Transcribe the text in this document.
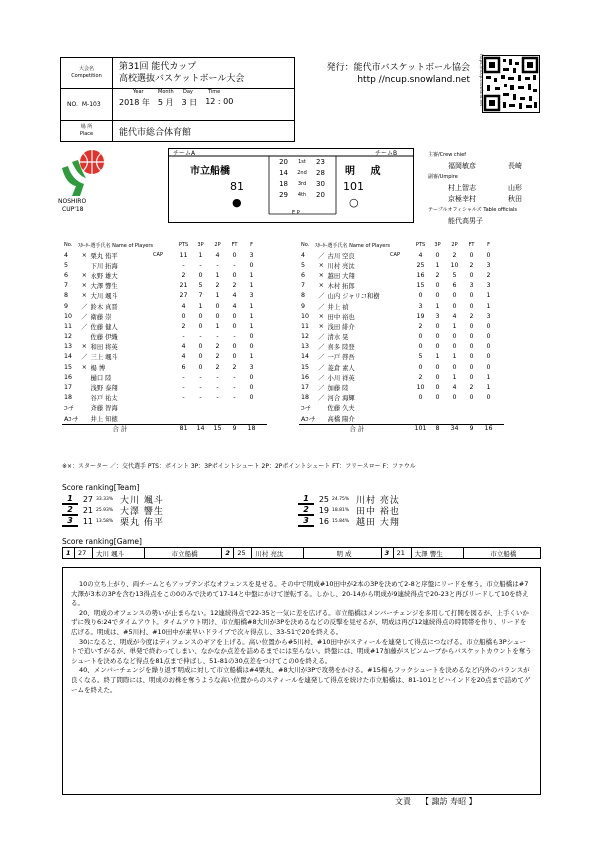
大会名
Competition
第31回 能代カップ
高校選抜バスケットボール大会
NO. M-103
Year	Month	Day	Time
2018 年 5 月 3 日 12 : 00
場 所
Place	能代市総合体育館
発行：能代市バスケットボール協会
http //ncup.snowland.net https://ncup.snowland.net
NOSHIRO
CUP'18
チームA	チームB
市立船橋	明 成
81	101
●	○
20	1st	23
14	2nd	28
18	3rd	30
29	4th	20
E P
主審/Crew chief
福岡敏彦	長崎
副審/Umpire
村上智志	山形
京極幸村	秋田
テーブルオフィシャルズ Table officials
能代高男子
No.	ｽﾀｰﾀｰ	選手氏名 Name of Players		PTS	3P	2P	FT	F
4	×	栗丸 侑平	CAP	11	1	4	0	3
5		下川 拓海		-	-	-	-	0
6	×	永野 雄大		2	0	1	0	1
7	×	大澤 響生		21	5	2	2	1
8	×	大川 颯斗		27	7	1	4	3
9	／	鈴木 真晋		4	1	0	4	1
10	／	衛藤 崇		0	0	0	0	1
11	／	佐藤 健人		2	0	1	0	1
12		佐藤 伊織		-	-	-	-	0
13	×	和田 将英		4	0	2	0	0
14	／	三上 颯斗		4	0	2	0	1
15	×	楊 博		6	0	2	2	3
16		樋口 陸		-	-	-	-	0
17		浅野 泰翔		-	-	-	-	0
18		谷戸 祐太		-	-	-	-	0
ｺｰﾁ		斉藤 智海						
Aｺｰﾁ		井上 知徳						
		合 計		81	14	15	9	18
No.	ｽﾀｰﾀｰ	選手氏名 Name of Players		PTS	3P	2P	FT	F
4	／	古川 空良	CAP	4	0	2	0	0
5	×	川村 亮汰		25	1	10	2	3
6	×	越田 大翔		16	2	5	0	2
7	×	木村 拓郎		15	0	6	3	3
8	／	山内 ジャリコ和樹		0	0	0	0	1
9	／	井上 禎		3	1	0	0	1
10	×	田中 裕也		19	3	4	2	3
11	×	浅田 緋介		2	0	1	0	0
12	／	清水 晃		0	0	0	0	0
13	／	喜多 陸登		0	0	0	0	0
14	／	一戸 啓吾		5	1	1	0	0
15	／	菱倉 素人		0	0	0	0	0
16	／	小川 祥英		2	0	1	0	1
17	／	加藤 陸		10	0	4	2	1
18	／	河合 海輝		0	0	0	0	0
ｺｰﾁ		佐藤 久夫						
Aｺｰﾁ		高橋 陽介						
		合 計		101	8	34	9	16
※×：スターター ／：交代選手 PTS：ポイント 3P：3Pポイントシュート 2P：2Pポイントシュート FT：フリースロー F：ファウル
Score ranking[Team]
1	27 33.33% 大川 颯斗
2	21 25.93% 大澤 響生
3	11 13.58% 栗丸 侑平
1	25 24.75% 川村 亮汰
2	19 18.81% 田中 裕也
3	16 15.84% 越田 大翔
Score ranking[Game]
1	27	大川 颯斗	市立船橋	2	25	川村 亮汰	明 成	3	21	大澤 響生	市立船橋

10の立ち上がり、両チームともアップテンポなオフェンスを見せる。その中で明成#10田中が2本の3Pを決めて2-8と序盤にリードを奪う。市立船橋は#7大澤が3本の3Pを含む13得点をこの0のみで決めて17-14と中盤にかけて逆転する。しかし、20-14から明成が9連続得点で20-23と再びリードして10を終える。

20、明成のオフェンスの勢いが止まらない。12連続得点で22-35と一気に差を広げる。市立船橋はメンバーチェンジを多用して打開を図るが、上手くいかずに残り6:24でタイムアウト。タイムアウト明け、市立船橋#8大川が3Pを決めるなどの反撃を見せるが、明成は再び12連続得点の時間帯を作り、リードを広げる。明成は、#5川村、#10田中が素早いドライブで次々得点し、33-51で20を終える。

30になると、明成が今度はディフェンスのギアを上げる。高い位置から#5川村、#10田中がスティールを連発して得点につなげる。市立船橋も3Pシュートで追いすがるが、単発で終わってしまい、なかなか点差を詰めるまでには至らない。終盤には、明成#17加藤がスピンムーブからバスケットカウントを奪うシュートを決めるなど得点を81点まで伸ばし、51-81の30点差をつけてこの0を終える。

40、メンバーチェンジを繰り返す明成に対して市立船橋は#4栗丸、#8大川が3Pで攻勢をかける。#15楊もフックシュートを決めるなど内外のバランスが良くなる。終了間際には、明成のお株を奪うような高い位置からのスティールを連発して得点を続けた市立船橋は、81-101とビハインドを20点まで詰めてゲームを終えた。

文責 【 諏訪 寿昭 】
